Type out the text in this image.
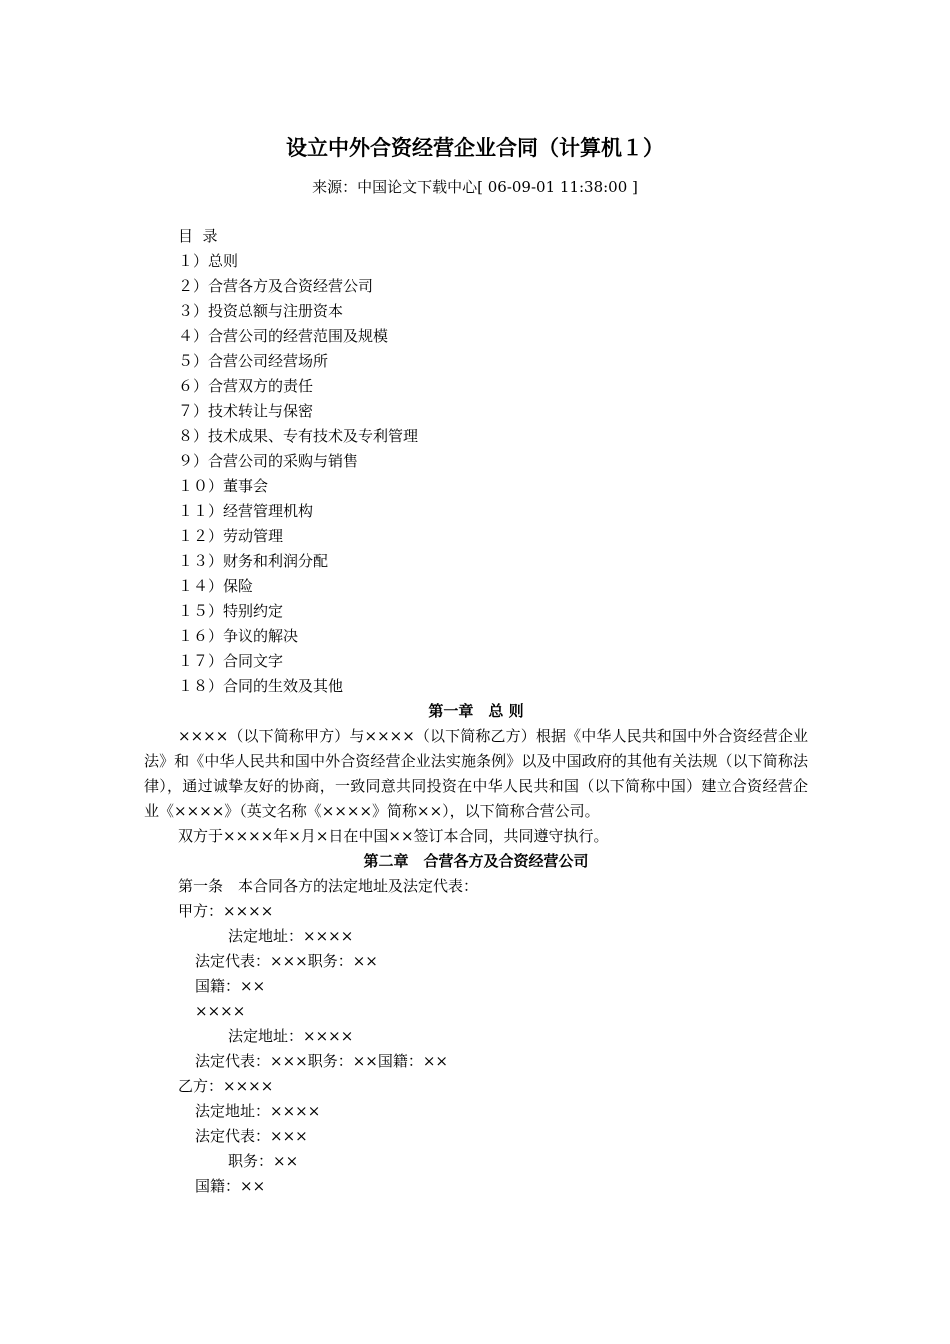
设立中外合资经营企业合同（计算机１）
来源：中国论文下载中心[ 06-09-01 11:38:00 ]
目  录
１）总则
２）合营各方及合资经营公司
３）投资总额与注册资本
４）合营公司的经营范围及规模
５）合营公司经营场所
６）合营双方的责任
７）技术转让与保密
８）技术成果、专有技术及专利管理
９）合营公司的采购与销售
１０）董事会
１１）经营管理机构
１２）劳动管理
１３）财务和利润分配
１４）保险
１５）特别约定
１６）争议的解决
１７）合同文字
１８）合同的生效及其他
第一章　总 则
××××（以下简称甲方）与××××（以下简称乙方）根据《中华人民共和国中外合资经营企业法》和《中华人民共和国中外合资经营企业法实施条例》以及中国政府的其他有关法规（以下简称法律），通过诚挚友好的协商，一致同意共同投资在中华人民共和国（以下简称中国）建立合资经营企业《××××》（英文名称《××××》简称××），以下简称合营公司。
双方于××××年×月×日在中国××签订本合同，共同遵守执行。
第二章　合营各方及合资经营公司
第一条　本合同各方的法定地址及法定代表：
甲方：××××
法定地址：××××
法定代表：×××职务：××
国籍：××
××××
法定地址：××××
法定代表：×××职务：××国籍：××
乙方：××××
法定地址：××××
法定代表：×××
职务：××
国籍：××
